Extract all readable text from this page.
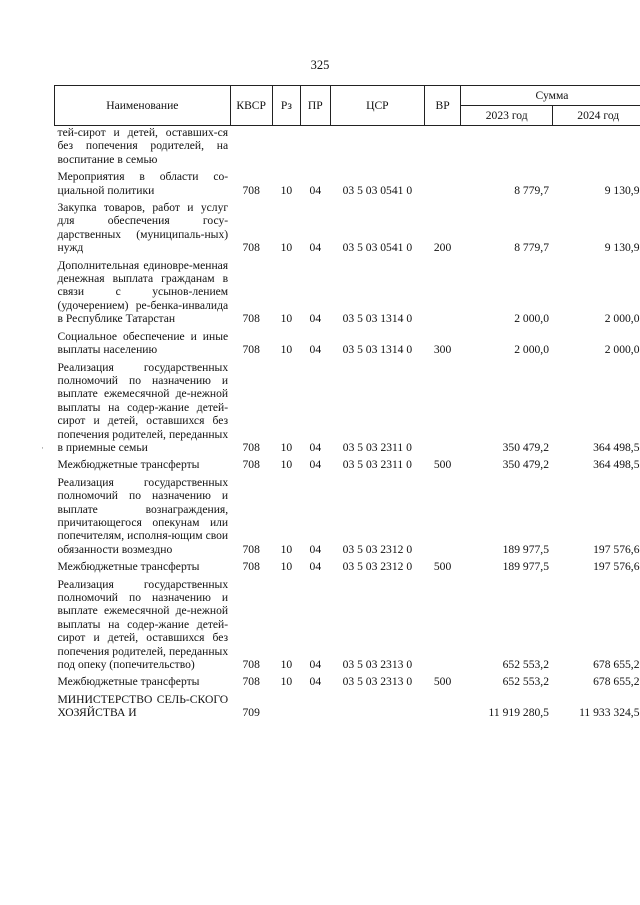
325
Наименование	КВСР	Рз	ПР	ЦСР	ВР	Сумма	
						2023 год	2024 год

тей-сирот и детей, оставших-ся без попечения родителей, на воспитание в семью							

Мероприятия в области со-циальной политики	708	10	04	03 5 03 0541 0		8 779,7	9 130,9

Закупка товаров, работ и услуг для обеспечения госу-дарственных (муниципаль-ных) нужд	708	10	04	03 5 03 0541 0	200	8 779,7	9 130,9

Дополнительная единовре-менная денежная выплата гражданам в связи с усынов-лением (удочерением) ре-бенка-инвалида в Республике Татарстан	708	10	04	03 5 03 1314 0		2 000,0	2 000,0

Социальное обеспечение и иные выплаты населению	708	10	04	03 5 03 1314 0	300	2 000,0	2 000,0

Реализация государственных полномочий по назначению и выплате ежемесячной де-нежной выплаты на содер-жание детей-сирот и детей, оставшихся без попечения родителей, переданных в приемные семьи	708	10	04	03 5 03 2311 0		350 479,2	364 498,5

Межбюджетные трансферты	708	10	04	03 5 03 2311 0	500	350 479,2	364 498,5

Реализация государственных полномочий по назначению и выплате вознаграждения, причитающегося опекунам или попечителям, исполня-ющим свои обязанности возмездно	708	10	04	03 5 03 2312 0		189 977,5	197 576,6

Межбюджетные трансферты	708	10	04	03 5 03 2312 0	500	189 977,5	197 576,6

Реализация государственных полномочий по назначению и выплате ежемесячной де-нежной выплаты на содер-жание детей-сирот и детей, оставшихся без попечения родителей, переданных под опеку (попечительство)	708	10	04	03 5 03 2313 0		652 553,2	678 655,2

Межбюджетные трансферты	708	10	04	03 5 03 2313 0	500	652 553,2	678 655,2

МИНИСТЕРСТВО СЕЛЬ-СКОГО ХОЗЯЙСТВА И	709					11 919 280,5	11 933 324,5
·
